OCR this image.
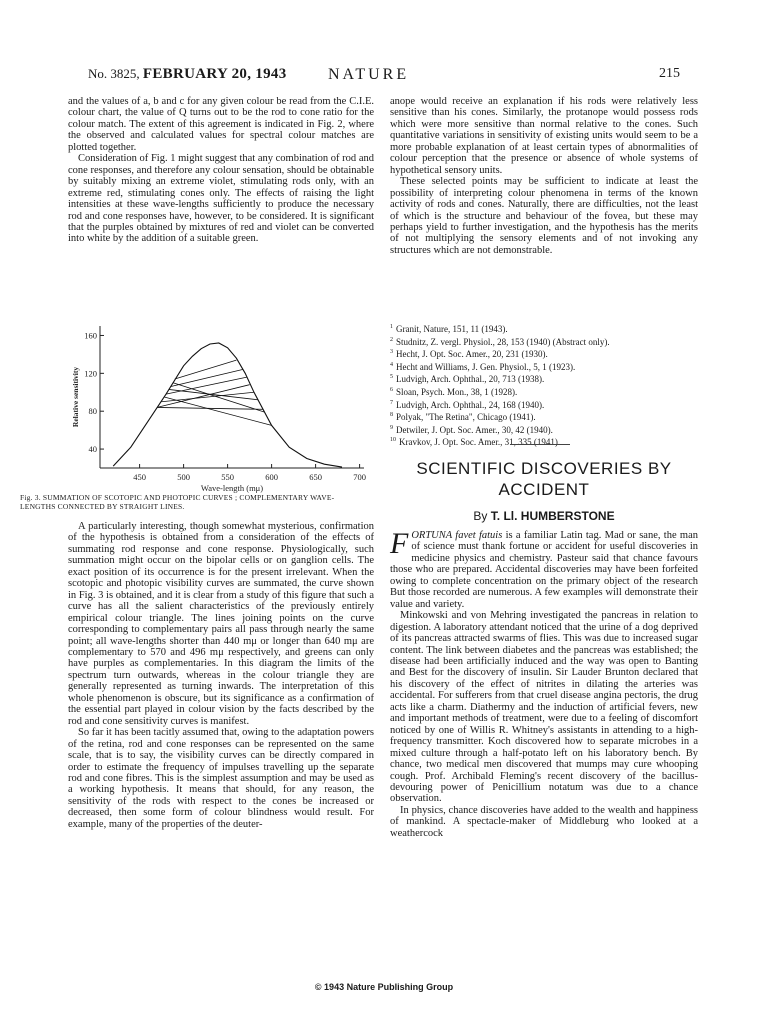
No. 3825, FEBRUARY 20, 1943	NATURE	215

and the values of a, b and c for any given colour be read from the C.I.E. colour chart, the value of Q turns out to be the rod to cone ratio for the colour match. The extent of this agreement is indicated in Fig. 2, where the observed and calculated values for spectral colour matches are plotted together.

Consideration of Fig. 1 might suggest that any combination of rod and cone responses, and therefore any colour sensation, should be obtainable by suitably mixing an extreme violet, stimulating rods only, with an extreme red, stimulating cones only. The effects of raising the light intensities at these wave-lengths sufficiently to produce the necessary rod and cone responses have, however, to be considered. It is significant that the purples obtained by mixtures of red and violet can be converted into white by the addition of a suitable green.

450	500	550	600	650	700
40
80
120
160
Wave-length (mμ)
Relative sensitivity
Fig. 3. SUMMATION OF SCOTOPIC AND PHOTOPIC CURVES ; COMPLEMENTARY WAVE-LENGTHS CONNECTED BY STRAIGHT LINES.

A particularly interesting, though somewhat mysterious, confirmation of the hypothesis is obtained from a consideration of the effects of summating rod response and cone response. Physiologically, such summation might occur on the bipolar cells or on ganglion cells. The exact position of its occurrence is for the present irrelevant. When the scotopic and photopic visibility curves are summated, the curve shown in Fig. 3 is obtained, and it is clear from a study of this figure that such a curve has all the salient characteristics of the previously entirely empirical colour triangle. The lines joining points on the curve corresponding to complementary pairs all pass through nearly the same point; all wave-lengths shorter than 440 mμ or longer than 640 mμ are complementary to 570 and 496 mμ respectively, and greens can only have purples as complementaries. In this diagram the limits of the spectrum turn outwards, whereas in the colour triangle they are generally represented as turning inwards. The interpretation of this whole phenomenon is obscure, but its significance as a confirmation of the essential part played in colour vision by the facts described by the rod and cone sensitivity curves is manifest.

So far it has been tacitly assumed that, owing to the adaptation powers of the retina, rod and cone responses can be represented on the same scale, that is to say, the visibility curves can be directly compared in order to estimate the frequency of impulses travelling up the separate rod and cone fibres. This is the simplest assumption and may be used as a working hypothesis. It means that should, for any reason, the sensitivity of the rods with respect to the cones be increased or decreased, then some form of colour blindness would result. For example, many of the properties of the deuter-

anope would receive an explanation if his rods were relatively less sensitive than his cones. Similarly, the protanope would possess rods which were more sensitive than normal relative to the cones. Such quantitative variations in sensitivity of existing units would seem to be a more probable explanation of at least certain types of abnormalities of colour perception that the presence or absence of whole systems of hypothetical sensory units.

These selected points may be sufficient to indicate at least the possibility of interpreting colour phenomena in terms of the known activity of rods and cones. Naturally, there are difficulties, not the least of which is the structure and behaviour of the fovea, but these may perhaps yield to further investigation, and the hypothesis has the merits of not multiplying the sensory elements and of not invoking any structures which are not demonstrable.

$^1$ Granit, Nature, 151, 11 (1943).
$^2$ Studnitz, Z. vergl. Physiol., 28, 153 (1940) (Abstract only).
$^3$ Hecht, J. Opt. Soc. Amer., 20, 231 (1930).
$^4$ Hecht and Williams, J. Gen. Physiol., 5, 1 (1923).
$^5$ Ludvigh, Arch. Ophthal., 20, 713 (1938).
$^6$ Sloan, Psych. Mon., 38, 1 (1928).
$^7$ Ludvigh, Arch. Ophthal., 24, 168 (1940).
$^8$ Polyak, "The Retina", Chicago (1941).
$^9$ Detwiler, J. Opt. Soc. Amer., 30, 42 (1940).
$^{10}$ Kravkov, J. Opt. Soc. Amer., 31, 335 (1941).
SCIENTIFIC DISCOVERIES BY ACCIDENT
By T. Ll. HUMBERSTONE

FORTUNA favet fatuis is a familiar Latin tag. Mad or sane, the man of science must thank fortune or accident for useful discoveries in medicine physics and chemistry. Pasteur said that chance favours those who are prepared. Accidental discoveries may have been forfeited owing to complete concentration on the primary object of the research But those recorded are numerous. A few examples will demonstrate their value and variety.

Minkowski and von Mehring investigated the pancreas in relation to digestion. A laboratory attendant noticed that the urine of a dog deprived of its pancreas attracted swarms of flies. This was due to increased sugar content. The link between diabetes and the pancreas was established; the disease had been artificially induced and the way was open to Banting and Best for the discovery of insulin. Sir Lauder Brunton declared that his discovery of the effect of nitrites in dilating the arteries was accidental. For sufferers from that cruel disease angina pectoris, the drug acts like a charm. Diathermy and the induction of artificial fevers, new and important methods of treatment, were due to a feeling of discomfort noticed by one of Willis R. Whitney's assistants in attending to a high-frequency transmitter. Koch discovered how to separate microbes in a mixed culture through a half-potato left on his laboratory bench. By chance, two medical men discovered that mumps may cure whooping cough. Prof. Archibald Fleming's recent discovery of the bacillus-devouring power of Penicillium notatum was due to a chance observation.

In physics, chance discoveries have added to the wealth and happiness of mankind. A spectacle-maker of Middleburg who looked at a weathercock

© 1943 Nature Publishing Group
